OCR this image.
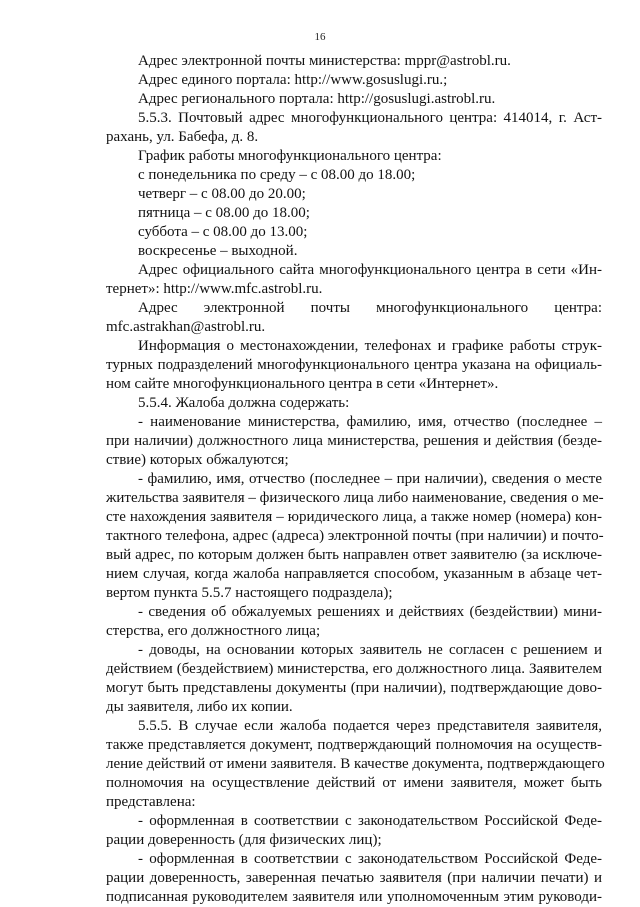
16
Адрес электронной почты министерства: mppr@astrobl.ru.
Адрес единого портала: http://www.gosuslugi.ru.;
Адрес регионального портала: http://gosuslugi.astrobl.ru.
5.5.3. Почтовый адрес многофункционального центра: 414014, г. Аст-
рахань, ул. Бабефа, д. 8.
График работы многофункционального центра:
с понедельника по среду – с 08.00 до 18.00;
четверг – с 08.00 до 20.00;
пятница – с 08.00 до 18.00;
суббота – с 08.00 до 13.00;
воскресенье – выходной.
Адрес официального сайта многофункционального центра в сети «Ин-
тернет»: http://www.mfc.astrobl.ru.
Адрес электронной почты многофункционального центра:
mfc.astrakhan@astrobl.ru.
Информация о местонахождении, телефонах и графике работы струк-
турных подразделений многофункционального центра указана на официаль-
ном сайте многофункционального центра в сети «Интернет».
5.5.4. Жалоба должна содержать:
- наименование министерства, фамилию, имя, отчество (последнее –
при наличии) должностного лица министерства, решения и действия (безде-
ствие) которых обжалуются;
- фамилию, имя, отчество (последнее – при наличии), сведения о месте
жительства заявителя – физического лица либо наименование, сведения о ме-
сте нахождения заявителя – юридического лица, а также номер (номера) кон-
тактного телефона, адрес (адреса) электронной почты (при наличии) и почто-
вый адрес, по которым должен быть направлен ответ заявителю (за исключе-
нием случая, когда жалоба направляется способом, указанным в абзаце чет-
вертом пункта 5.5.7 настоящего подраздела);
- сведения об обжалуемых решениях и действиях (бездействии) мини-
стерства, его должностного лица;
- доводы, на основании которых заявитель не согласен с решением и
действием (бездействием) министерства, его должностного лица. Заявителем
могут быть представлены документы (при наличии), подтверждающие дово-
ды заявителя, либо их копии.
5.5.5. В случае если жалоба подается через представителя заявителя,
также представляется документ, подтверждающий полномочия на осуществ-
ление действий от имени заявителя. В качестве документа, подтверждающего
полномочия на осуществление действий от имени заявителя, может быть
представлена:
- оформленная в соответствии с законодательством Российской Феде-
рации доверенность (для физических лиц);
- оформленная в соответствии с законодательством Российской Феде-
рации доверенность, заверенная печатью заявителя (при наличии печати) и
подписанная руководителем заявителя или уполномоченным этим руководи-
